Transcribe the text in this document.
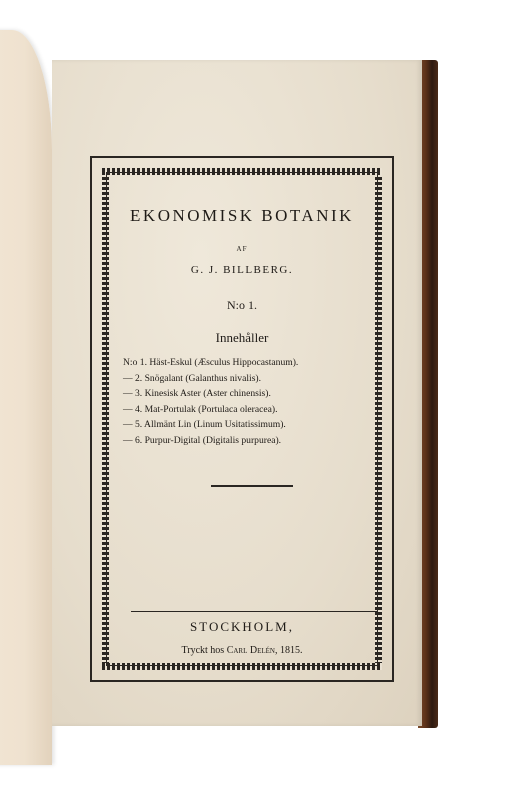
EKONOMISK BOTANIK
AF
G. J. BILLBERG.
N:o 1.
Innehåller
N:o 1. Häst-Eskul (Æsculus Hippocastanum).
— 2. Snögalant (Galanthus nivalis).
— 3. Kinesisk Aster (Aster chinensis).
— 4. Mat-Portulak (Portulaca oleracea).
— 5. Allmänt Lin (Linum Usitatissimum).
— 6. Purpur-Digital (Digitalis purpurea).
STOCKHOLM,
Tryckt hos Carl Delén, 1815.
